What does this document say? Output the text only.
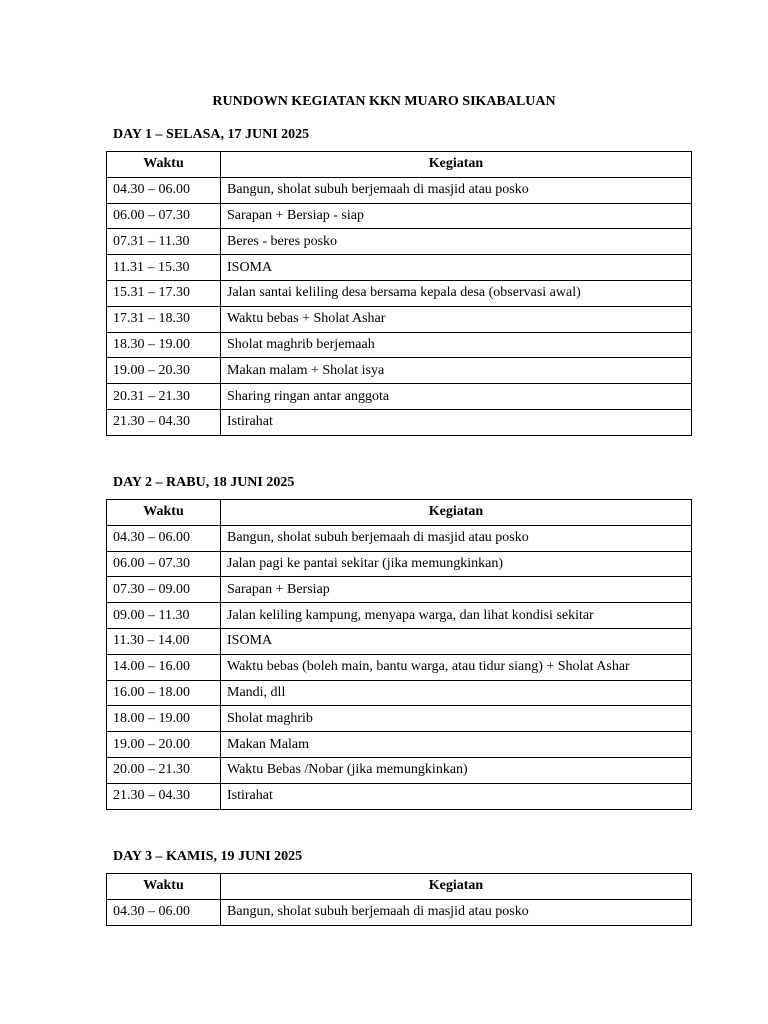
RUNDOWN KEGIATAN KKN MUARO SIKABALUAN
DAY 1 – SELASA, 17 JUNI 2025
Waktu	Kegiatan
04.30 – 06.00	Bangun, sholat subuh berjemaah di masjid atau posko
06.00 – 07.30	Sarapan + Bersiap - siap
07.31 – 11.30	Beres - beres posko
11.31 – 15.30	ISOMA
15.31 – 17.30	Jalan santai keliling desa bersama kepala desa (observasi awal)
17.31 – 18.30	Waktu bebas + Sholat Ashar
18.30 – 19.00	Sholat maghrib berjemaah
19.00 – 20.30	Makan malam + Sholat isya
20.31 – 21.30	Sharing ringan antar anggota
21.30 – 04.30	Istirahat
DAY 2 – RABU, 18 JUNI 2025
Waktu	Kegiatan
04.30 – 06.00	Bangun, sholat subuh berjemaah di masjid atau posko
06.00 – 07.30	Jalan pagi ke pantai sekitar (jika memungkinkan)
07.30 – 09.00	Sarapan + Bersiap
09.00 – 11.30	Jalan keliling kampung, menyapa warga, dan lihat kondisi sekitar
11.30 – 14.00	ISOMA
14.00 – 16.00	Waktu bebas (boleh main, bantu warga, atau tidur siang) + Sholat Ashar
16.00 – 18.00	Mandi, dll
18.00 – 19.00	Sholat maghrib
19.00 – 20.00	Makan Malam
20.00 – 21.30	Waktu Bebas /Nobar (jika memungkinkan)
21.30 – 04.30	Istirahat
DAY 3 – KAMIS, 19 JUNI 2025
Waktu	Kegiatan
04.30 – 06.00	Bangun, sholat subuh berjemaah di masjid atau posko
